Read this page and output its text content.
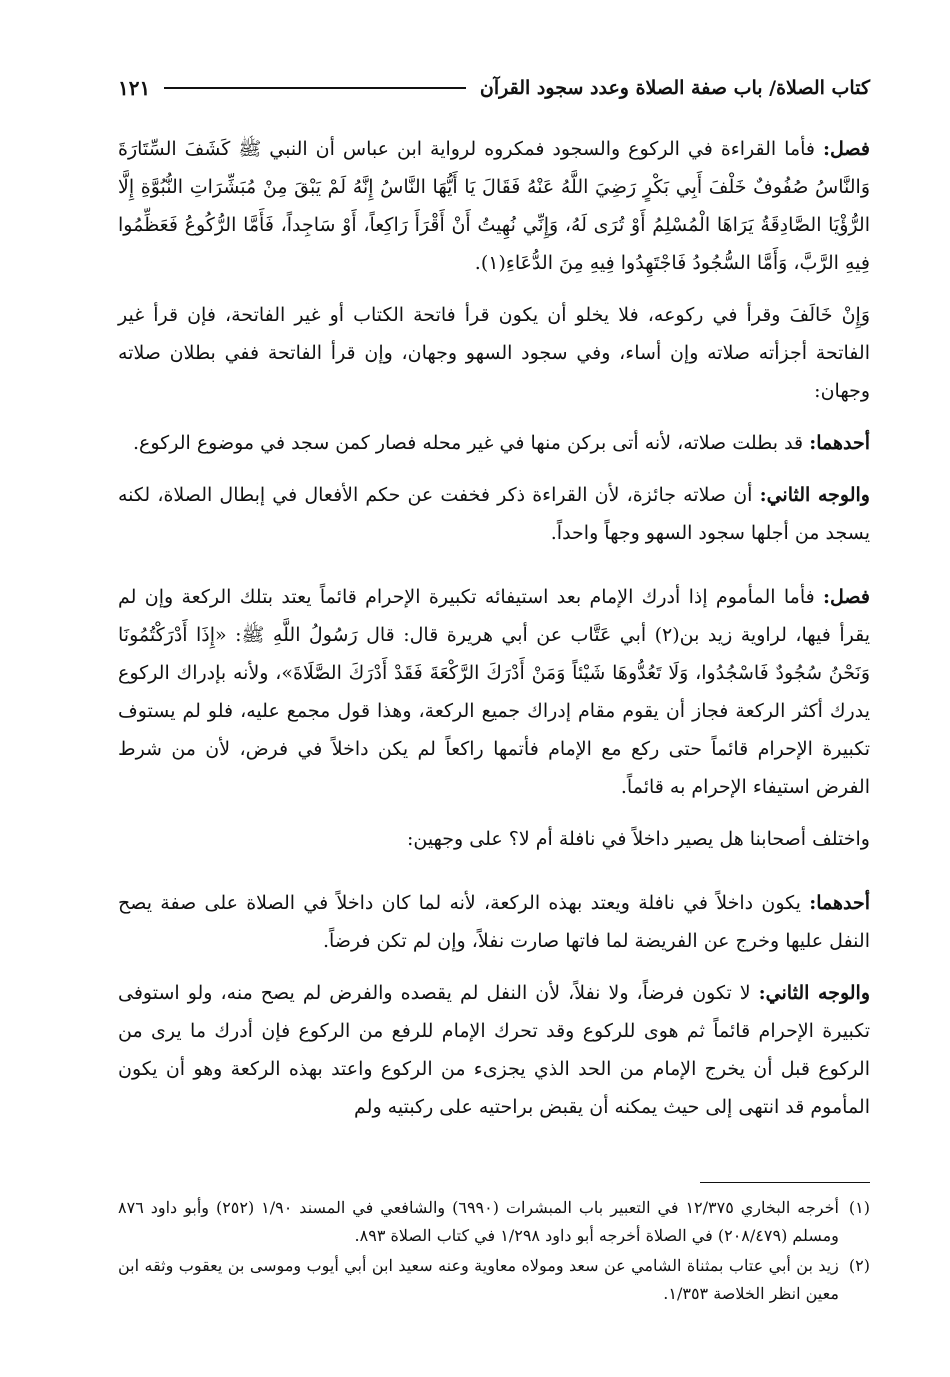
كتاب الصلاة/ باب صفة الصلاة وعدد سجود القرآن
١٢١

فصل: فأما القراءة في الركوع والسجود فمكروه لرواية ابن عباس أن النبي ﷺ كَشَفَ السِّتَارَةَ وَالنَّاسُ صُفُوفٌ خَلْفَ أَبِي بَكْرٍ رَضِيَ اللَّهُ عَنْهُ فَقَالَ يَا أَيُّهَا النَّاسُ إِنَّهُ لَمْ يَبْقَ مِنْ مُبَشِّرَاتِ النُّبُوَّةِ إِلَّا الرُّؤْيَا الصَّادِقَةُ يَرَاهَا الْمُسْلِمُ أَوْ تُرَى لَهُ، وَإِنِّي نُهِيتُ أَنْ أَقْرَأَ رَاكِعاً، أَوْ سَاجِداً، فَأَمَّا الرُّكُوعُ فَعَظِّمُوا فِيهِ الرَّبَّ، وَأَمَّا السُّجُودُ فَاجْتَهِدُوا فِيهِ مِنَ الدُّعَاءِ(١).

وَإِنْ خَالَفَ وقرأ في ركوعه، فلا يخلو أن يكون قرأ فاتحة الكتاب أو غير الفاتحة، فإن قرأ غير الفاتحة أجزأته صلاته وإن أساء، وفي سجود السهو وجهان، وإن قرأ الفاتحة ففي بطلان صلاته وجهان:

أحدهما: قد بطلت صلاته، لأنه أتى بركن منها في غير محله فصار كمن سجد في موضوع الركوع.

والوجه الثاني: أن صلاته جائزة، لأن القراءة ذكر فخفت عن حكم الأفعال في إبطال الصلاة، لكنه يسجد من أجلها سجود السهو وجهاً واحداً.

فصل: فأما المأموم إذا أدرك الإمام بعد استيفائه تكبيرة الإحرام قائماً يعتد بتلك الركعة وإن لم يقرأ فيها، لراوية زيد بن(٢) أبي عَتَّاب عن أبي هريرة قال: قال رَسُولُ اللَّهِ ﷺ: «إِذَا أَدْرَكْتُمُونَا وَنَحْنُ سُجُودٌ فَاسْجُدُوا، وَلَا تَعُدُّوهَا شَيْئاً وَمَنْ أَدْرَكَ الرَّكْعَةَ فَقَدْ أَدْرَكَ الصَّلَاةَ»، ولأنه بإدراك الركوع يدرك أكثر الركعة فجاز أن يقوم مقام إدراك جميع الركعة، وهذا قول مجمع عليه، فلو لم يستوف تكبيرة الإحرام قائماً حتى ركع مع الإمام فأتمها راكعاً لم يكن داخلاً في فرض، لأن من شرط الفرض استيفاء الإحرام به قائماً.

واختلف أصحابنا هل يصير داخلاً في نافلة أم لا؟ على وجهين:

أحدهما: يكون داخلاً في نافلة ويعتد بهذه الركعة، لأنه لما كان داخلاً في الصلاة على صفة يصح النفل عليها وخرج عن الفريضة لما فاتها صارت نفلاً، وإن لم تكن فرضاً.

والوجه الثاني: لا تكون فرضاً، ولا نفلاً، لأن النفل لم يقصده والفرض لم يصح منه، ولو استوفى تكبيرة الإحرام قائماً ثم هوى للركوع وقد تحرك الإمام للرفع من الركوع فإن أدرك ما يرى من الركوع قبل أن يخرج الإمام من الحد الذي يجزىء من الركوع واعتد بهذه الركعة وهو أن يكون المأموم قد انتهى إلى حيث يمكنه أن يقبض براحتيه على ركبتيه ولم

(١)
أخرجه البخاري ١٢/٣٧٥ في التعبير باب المبشرات (٦٩٩٠) والشافعي في المسند ١/٩٠ (٢٥٢) وأبو داود ٨٧٦ ومسلم (٢٠٨/٤٧٩) في الصلاة أخرجه أبو داود ١/٢٩٨ في كتاب الصلاة ٨٩٣.
(٢)
زيد بن أبي عتاب بمثناة الشامي عن سعد ومولاه معاوية وعنه سعيد ابن أبي أيوب وموسى بن يعقوب وثقه ابن معين انظر الخلاصة ١/٣٥٣.
